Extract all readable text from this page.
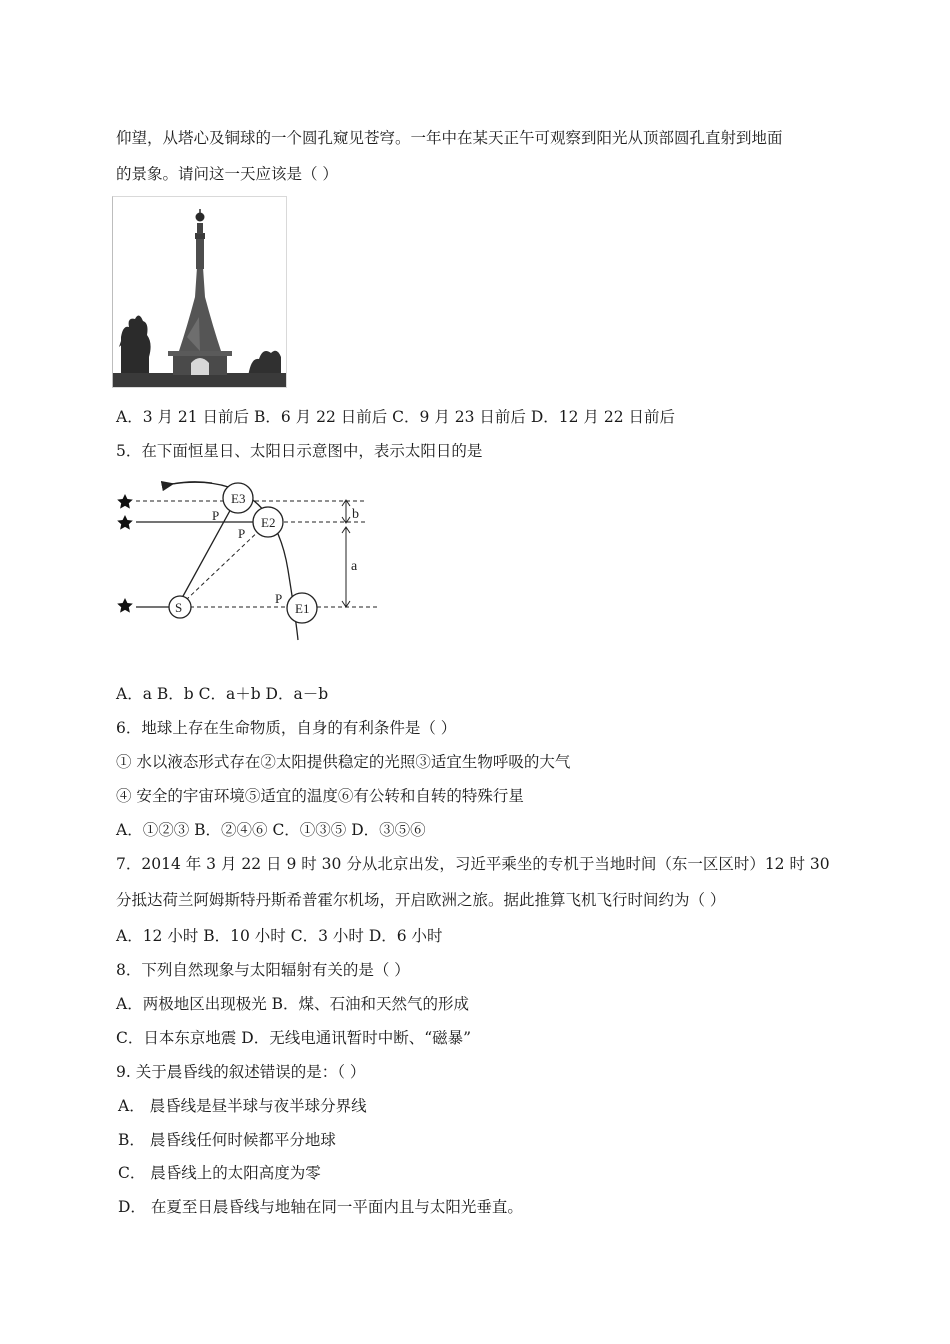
仰望，从塔心及铜球的一个圆孔窥见苍穹。一年中在某天正午可观察到阳光从顶部圆孔直射到地面
的景象。请问这一天应该是（ ）
A．3 月 21 日前后 B．6 月 22 日前后 C．9 月 23 日前后 D．12 月 22 日前后
5．在下面恒星日、太阳日示意图中，表示太阳日的是
E3
E2
E1
S
P
P
P
a
b
A．a B．b C．a＋b D．a－b
6．地球上存在生命物质，自身的有利条件是（ ）
① 水以液态形式存在②太阳提供稳定的光照③适宜生物呼吸的大气
④ 安全的宇宙环境⑤适宜的温度⑥有公转和自转的特殊行星
A．①②③ B．②④⑥ C．①③⑤ D．③⑤⑥
7．2014 年 3 月 22 日 9 时 30 分从北京出发，习近平乘坐的专机于当地时间（东一区区时）12 时 30
分抵达荷兰阿姆斯特丹斯希普霍尔机场，开启欧洲之旅。据此推算飞机飞行时间约为（ ）
A．12 小时 B．10 小时 C．3 小时 D．6 小时
8．下列自然现象与太阳辐射有关的是（ ）
A．两极地区出现极光 B．煤、石油和天然气的形成
C．日本东京地震 D．无线电通讯暂时中断、“磁暴”
9. 关于晨昏线的叙述错误的是：（ ）
A． 晨昏线是昼半球与夜半球分界线
B． 晨昏线任何时候都平分地球
C． 晨昏线上的太阳高度为零
D． 在夏至日晨昏线与地轴在同一平面内且与太阳光垂直。
